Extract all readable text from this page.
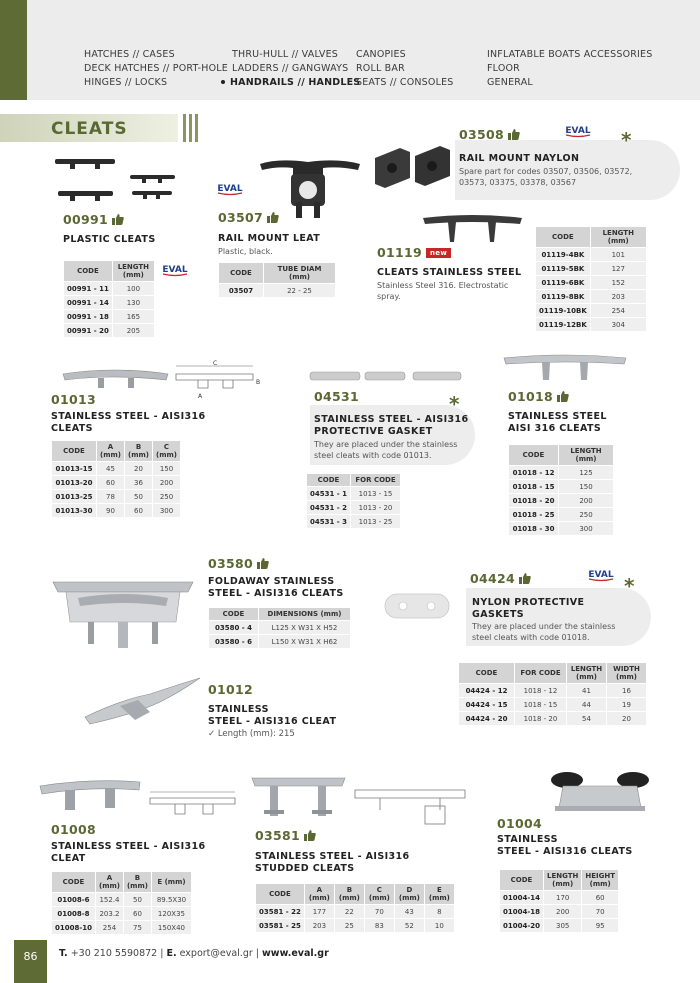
HATCHES // CASES
DECK HATCHES // PORT-HOLE
HINGES // LOCKS
THRU-HULL // VALVES
LADDERS // GANGWAYS
HANDRAILS // HANDLES
CANOPIES
ROLL BAR
SEATS // CONSOLES
INFLATABLE BOATS ACCESSORIES
FLOOR
GENERAL
CLEATS
00991
PLASTIC CLEATS
EVAL
CODE	LENGTH (mm)
00991 - 11	100
00991 - 14	130
00991 - 18	165
00991 - 20	205
EVAL
03507
RAIL MOUNT LEAT
Plastic, black.
CODE	TUBE DIAM (mm)
03507	22 - 25
03508	EVAL *
RAIL MOUNT NAYLON
Spare part for codes 03507, 03506, 03572, 03573, 03375, 03378, 03567
01119 new
CLEATS STAINLESS STEEL
Stainless Steel 316. Electrostatic spray.
CODE	LENGTH (mm)
01119-4BK	101
01119-5BK	127
01119-6BK	152
01119-8BK	203
01119-10BK	254
01119-12BK	304
C
A
B
01013
STAINLESS STEEL - AISI316
CLEATS
CODE	A (mm)	B (mm)	C (mm)
01013-15	45	20	150
01013-20	60	36	200
01013-25	78	50	250
01013-30	90	60	300
04531	*
STAINLESS STEEL - AISI316
PROTECTIVE GASKET
They are placed under the stainless steel cleats with code 01013.
CODE	FOR CODE
04531 - 1	1013 - 15
04531 - 2	1013 - 20
04531 - 3	1013 - 25
01018
STAINLESS STEEL
AISI 316 CLEATS
CODE	LENGTH (mm)
01018 - 12	125
01018 - 15	150
01018 - 20	200
01018 - 25	250
01018 - 30	300
03580
FOLDAWAY STAINLESS
STEEL - AISI316 CLEATS
CODE	DIMENSIONS (mm)
03580 - 4	L125 X W31 X H52
03580 - 6	L150 X W31 X H62
04424	EVAL *
NYLON PROTECTIVE
GASKETS
They are placed under the stainless steel cleats with code 01018.
CODE	FOR CODE	LENGTH (mm)	WIDTH (mm)
04424 - 12	1018 - 12	41	16
04424 - 15	1018 - 15	44	19
04424 - 20	1018 - 20	54	20
01012
STAINLESS
STEEL - AISI316 CLEAT
✓ Length (mm): 215
01008
STAINLESS STEEL - AISI316
CLEAT
CODE	A (mm)	B (mm)	E (mm)
01008-6	152.4	50	89.5X30
01008-8	203.2	60	120X35
01008-10	254	75	150X40
03581
STAINLESS STEEL - AISI316
STUDDED CLEATS
CODE	A (mm)	B (mm)	C (mm)	D (mm)	E (mm)
03581 - 22	177	22	70	43	8
03581 - 25	203	25	83	52	10
01004
STAINLESS
STEEL - AISI316 CLEATS
CODE	LENGTH (mm)	HEIGHT (mm)
01004-14	170	60
01004-18	200	70
01004-20	305	95
86	T. +30 210 5590872 | E. export@eval.gr | www.eval.gr
